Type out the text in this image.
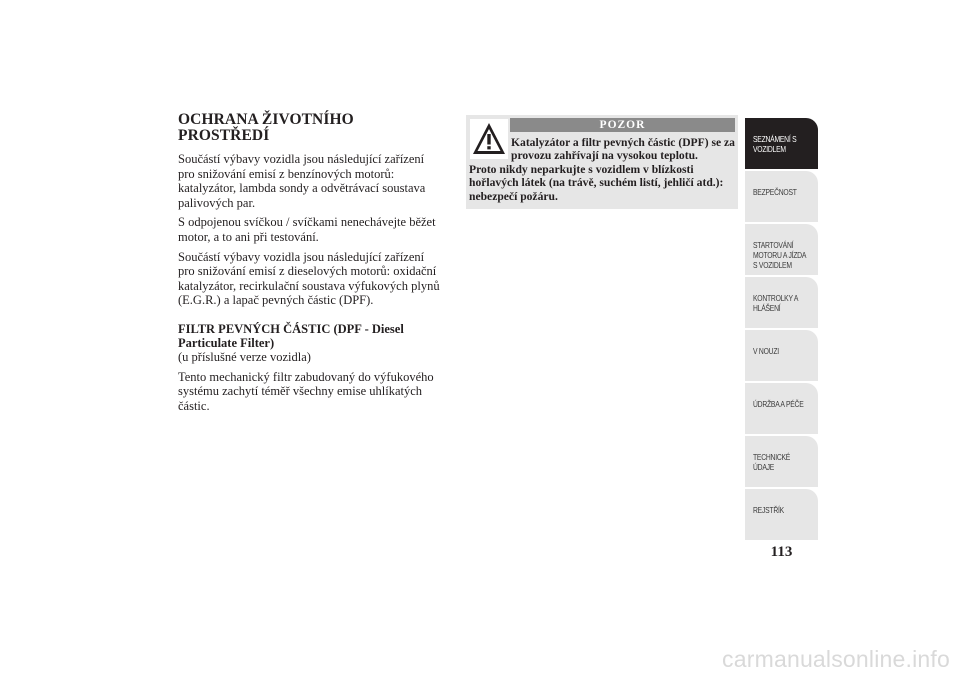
OCHRANA ŽIVOTNÍHO PROSTŘEDÍ

Součástí výbavy vozidla jsou následující zařízení pro snižování emisí z benzínových motorů: katalyzátor, lambda sondy a odvětrávací soustava palivových par.

S odpojenou svíčkou / svíčkami nenechávejte běžet motor, a to ani při testování.

Součástí výbavy vozidla jsou následující zařízení pro snižování emisí z dieselových motorů: oxidační katalyzátor, recirkulační soustava výfukových plynů (E.G.R.) a lapač pevných částic (DPF).

FILTR PEVNÝCH ČÁSTIC (DPF - Diesel Particulate Filter)

(u příslušné verze vozidla)

Tento mechanický filtr zabudovaný do výfukového systému zachytí téměř všechny emise uhlíkatých částic.

POZOR
Katalyzátor a filtr pevných částic (DPF) se za provozu zahřívají na vysokou teplotu.
Proto nikdy neparkujte s vozidlem v blízkosti hořlavých látek (na trávě, suchém listí, jehličí atd.): nebezpečí požáru.
SEZNÁMENÍ S
VOZIDLEM
BEZPEČNOST
STARTOVÁNÍ
MOTORU A JÍZDA
S VOZIDLEM
KONTROLKY A
HLÁŠENÍ
V NOUZI
ÚDRŽBA A PÉČE
TECHNICKÉ
ÚDAJE
REJSTŘÍK
113
carmanualsonline.info
